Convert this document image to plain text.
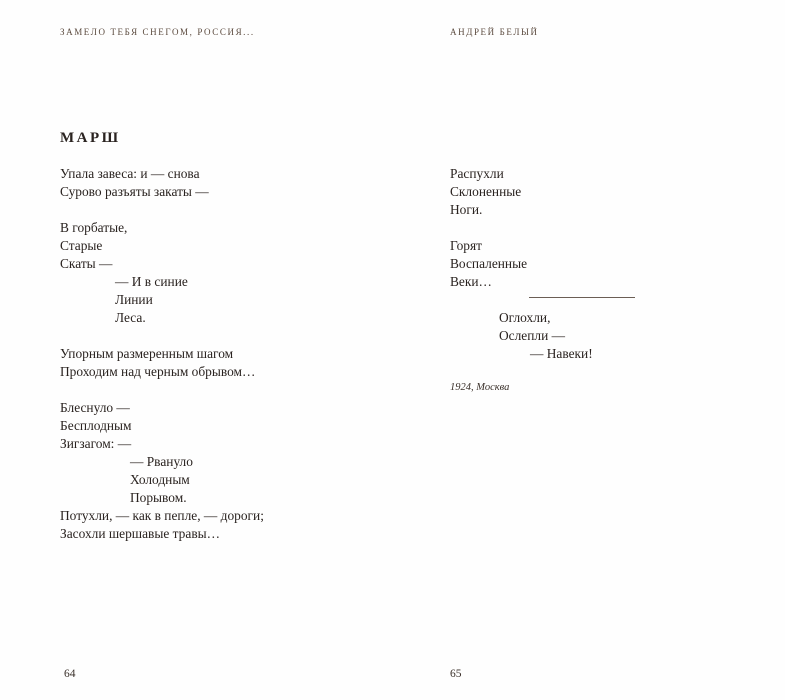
ЗАМЕЛО ТЕБЯ СНЕГОМ, РОССИЯ...
МАРШ
Упала завеса: и — снова
Сурово разъяты закаты —
В горбатые,
Старые
Скаты —
— И в синие
Линии
Леса.
Упорным размеренным шагом
Проходим над черным обрывом…
Блеснуло —
Бесплодным
Зигзагом: —
— Рвануло
Холодным
Порывом.
Потухли, — как в пепле, — дороги;
Засохли шершавые травы…
64
АНДРЕЙ БЕЛЫЙ
Распухли
Склоненные
Ноги.
Горят
Воспаленные
Веки…
Оглохли,
Ослепли —
— Навеки!
1924, Москва
65
